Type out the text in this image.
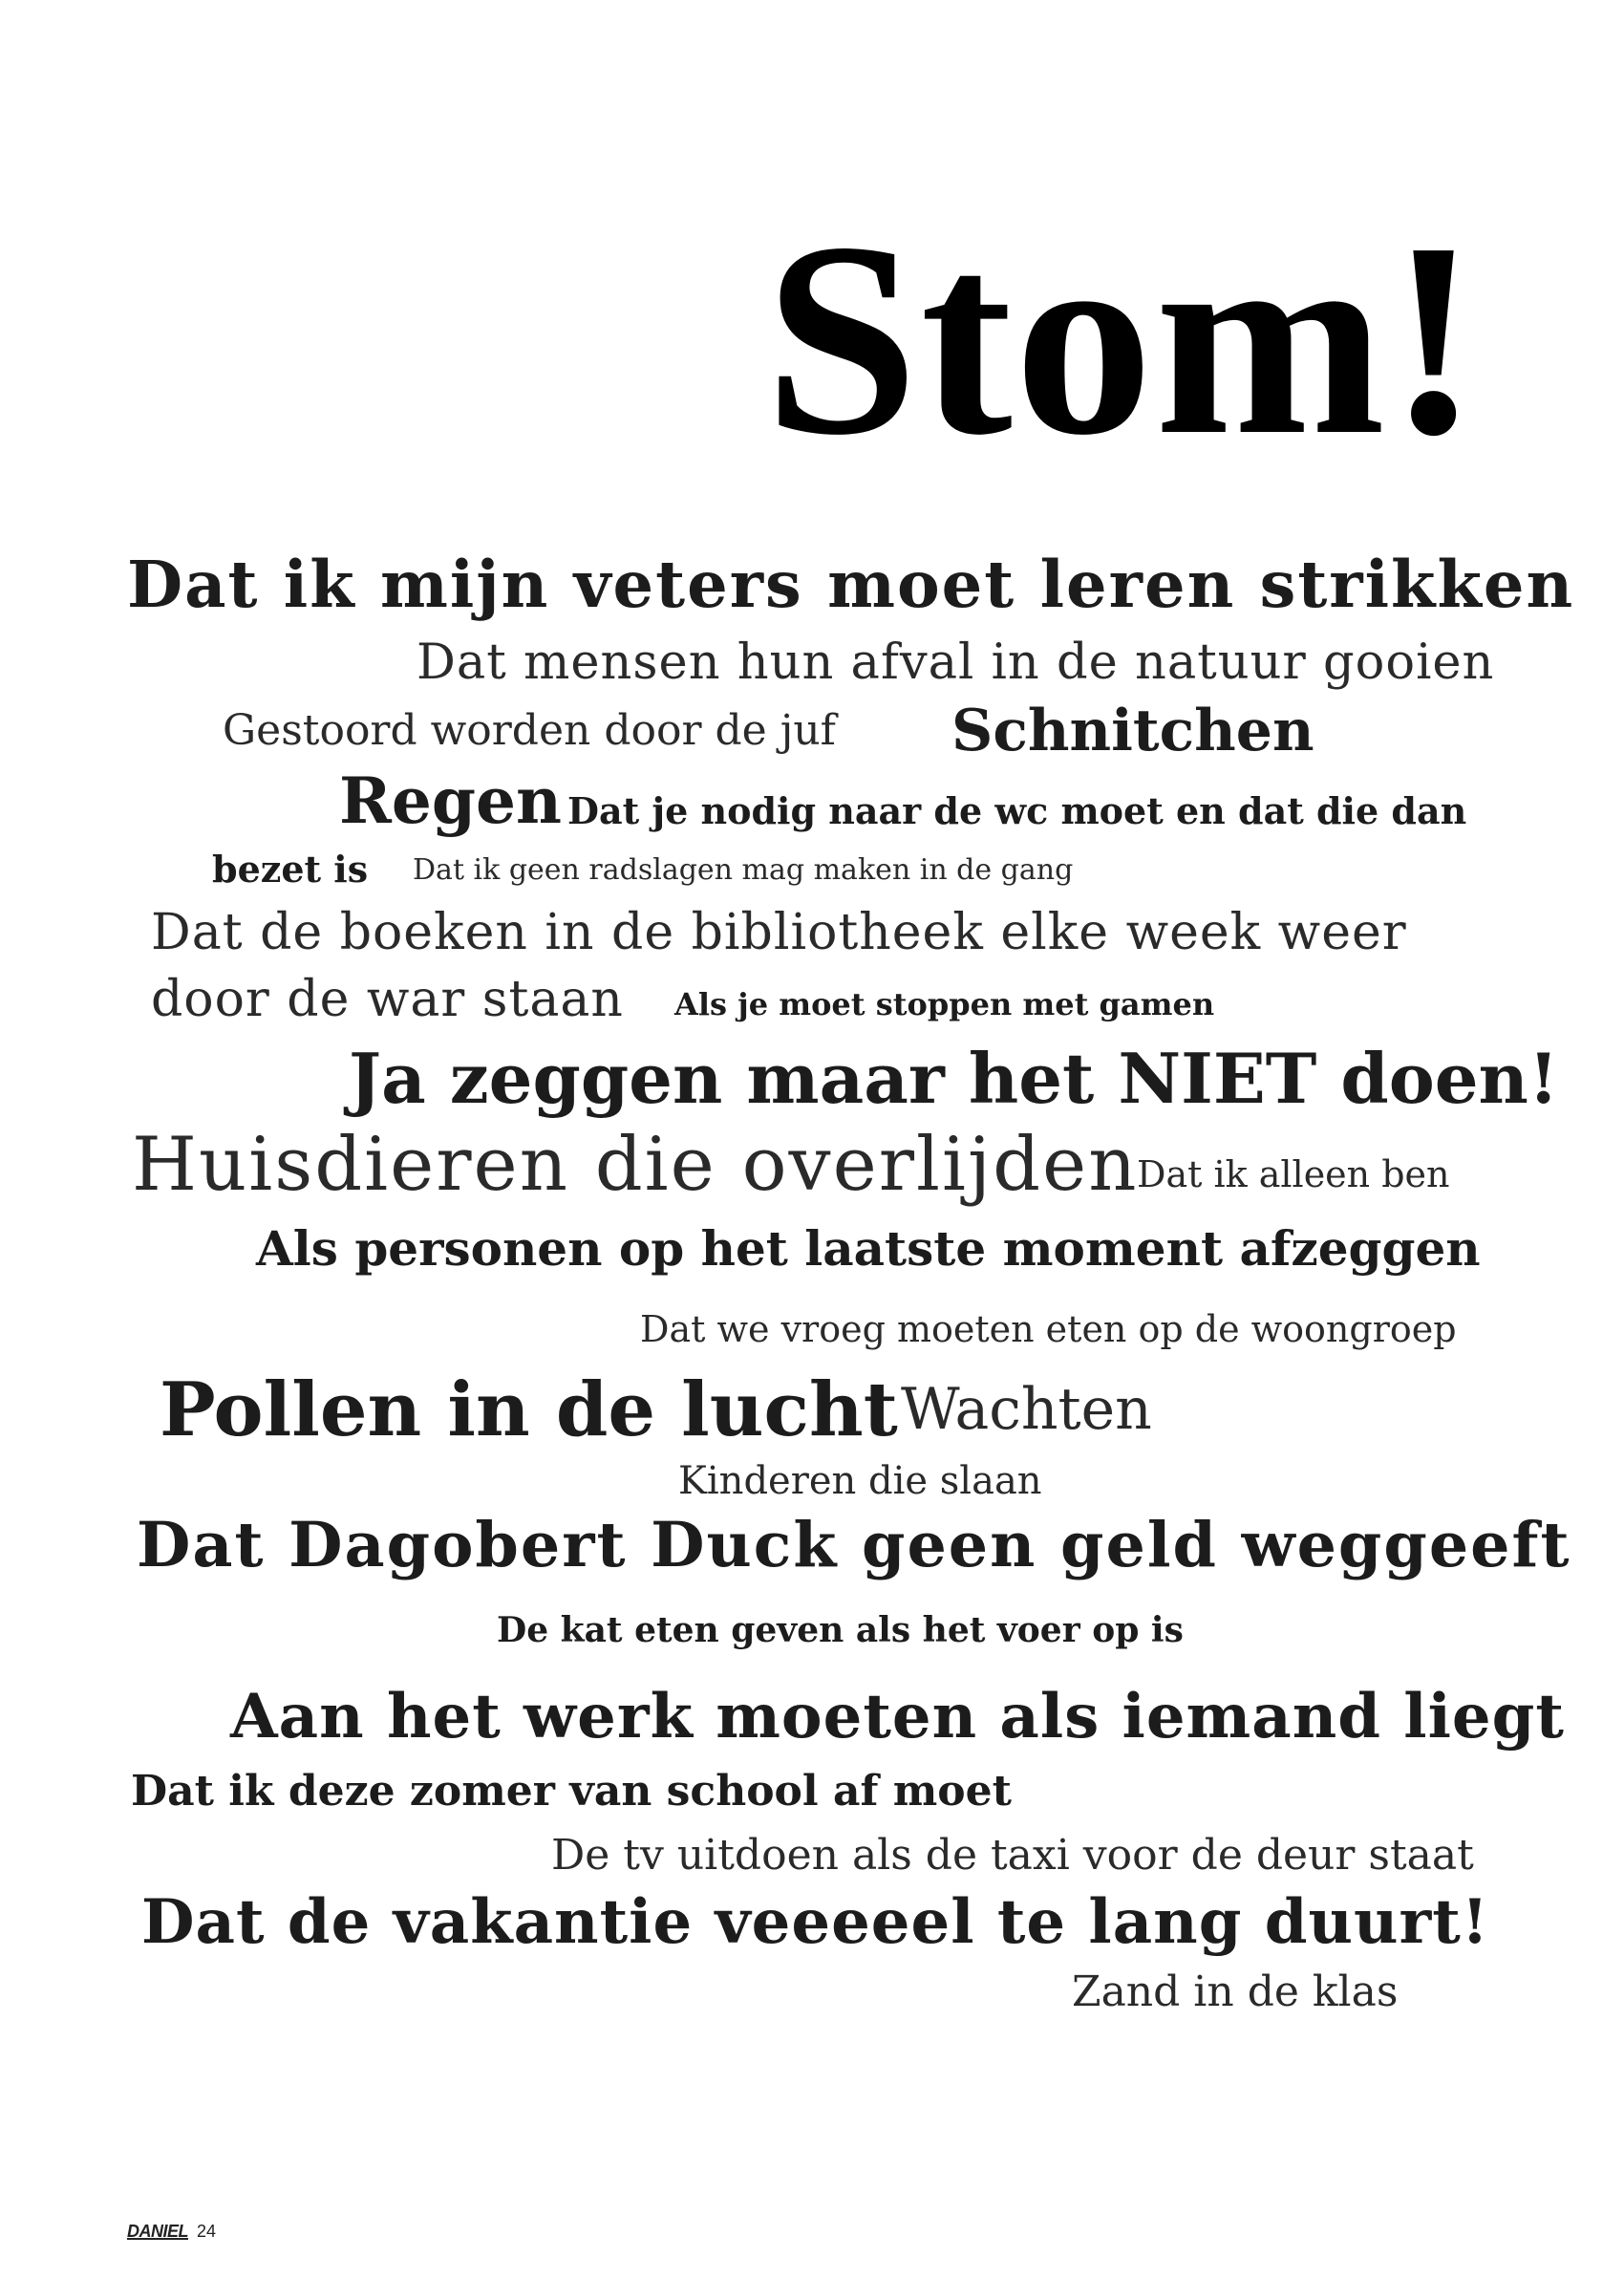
Stom!
Dat ik mijn veters moet leren strikken
Dat mensen hun afval in de natuur gooien
Gestoord worden door de juf Schnitchen
Regen Dat je nodig naar de wc moet en dat die dan
bezet is Dat ik geen radslagen mag maken in de gang
Dat de boeken in de bibliotheek elke week weer
door de war staan Als je moet stoppen met gamen
Ja zeggen maar het NIET doen!
Huisdieren die overlijden
Dat ik alleen ben
Als personen op het laatste moment afzeggen
Dat we vroeg moeten eten op de woongroep
Pollen in de lucht Wachten
Kinderen die slaan
Dat Dagobert Duck geen geld weggeeft
De kat eten geven als het voer op is
Aan het werk moeten als iemand liegt
Dat ik deze zomer van school af moet
De tv uitdoen als de taxi voor de deur staat
Dat de vakantie veeeeel te lang duurt!
Zand in de klas
DANIEL 24
